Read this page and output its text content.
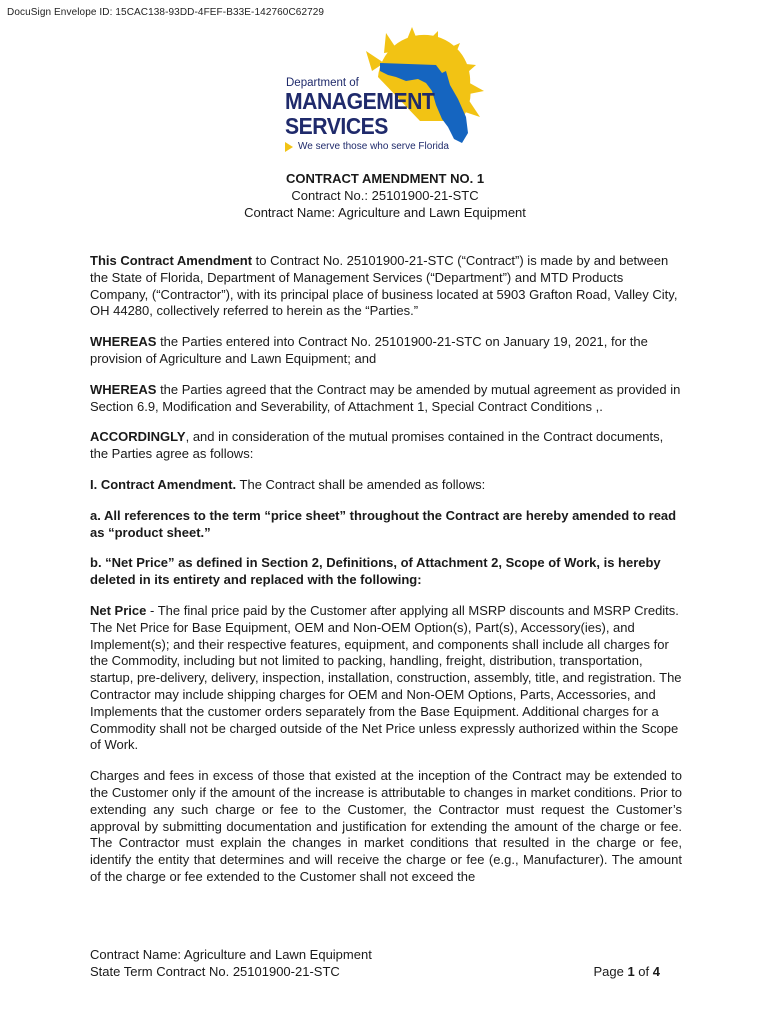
DocuSign Envelope ID: 15CAC138-93DD-4FEF-B33E-142760C62729
Department of
MANAGEMENT
SERVICES
We serve those who serve Florida
CONTRACT AMENDMENT NO. 1
Contract No.: 25101900-21-STC
Contract Name: Agriculture and Lawn Equipment

This Contract Amendment to Contract No. 25101900-21-STC (“Contract”) is made by and between the State of Florida, Department of Management Services (“Department”) and MTD Products Company, (“Contractor”), with its principal place of business located at 5903 Grafton Road, Valley City, OH 44280, collectively referred to herein as the “Parties.”

WHEREAS the Parties entered into Contract No. 25101900-21-STC on January 19, 2021, for the provision of Agriculture and Lawn Equipment; and

WHEREAS the Parties agreed that the Contract may be amended by mutual agreement as provided in Section 6.9, Modification and Severability, of Attachment 1, Special Contract Conditions ,.

ACCORDINGLY, and in consideration of the mutual promises contained in the Contract documents, the Parties agree as follows:

I. Contract Amendment. The Contract shall be amended as follows:

a. All references to the term “price sheet” throughout the Contract are hereby amended to read as “product sheet.”

b. “Net Price” as defined in Section 2, Definitions, of Attachment 2, Scope of Work, is hereby deleted in its entirety and replaced with the following:

Net Price - The final price paid by the Customer after applying all MSRP discounts and MSRP Credits. The Net Price for Base Equipment, OEM and Non-OEM Option(s), Part(s), Accessory(ies), and Implement(s); and their respective features, equipment, and components shall include all charges for the Commodity, including but not limited to packing, handling, freight, distribution, transportation, startup, pre-delivery, delivery, inspection, installation, construction, assembly, title, and registration. The Contractor may include shipping charges for OEM and Non-OEM Options, Parts, Accessories, and Implements that the customer orders separately from the Base Equipment. Additional charges for a Commodity shall not be charged outside of the Net Price unless expressly authorized within the Scope of Work.

Charges and fees in excess of those that existed at the inception of the Contract may be extended to the Customer only if the amount of the increase is attributable to changes in market conditions. Prior to extending any such charge or fee to the Customer, the Contractor must request the Customer’s approval by submitting documentation and justification for extending the amount of the charge or fee. The Contractor must explain the changes in market conditions that resulted in the charge or fee, identify the entity that determines and will receive the charge or fee (e.g., Manufacturer). The amount of the charge or fee extended to the Customer shall not exceed the

Contract Name: Agriculture and Lawn Equipment
State Term Contract No. 25101900-21-STC	Page 1 of 4
